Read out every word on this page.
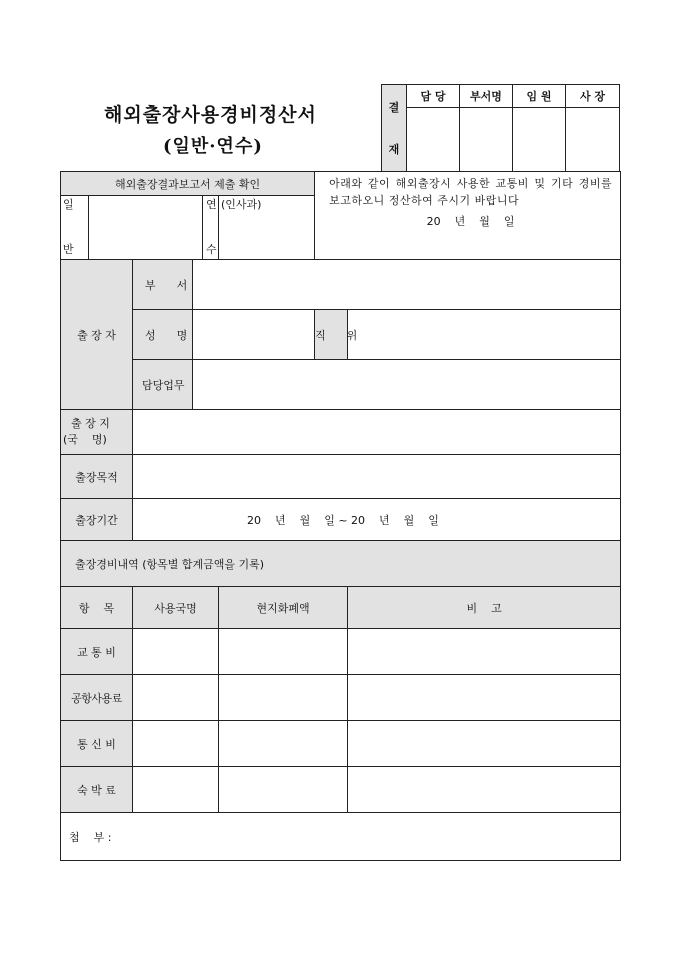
해외출장사용경비정산서
(일반·연수)
결
재	담 당	부서명	임 원	사 장

해외출장결과보고서 제출 확인						아래와 같이 해외출장시 사용한 교통비 및 기타 경비를 보고하오니 정산하여 주시기 바랍니다
20    년    월    일	

일				연	(인사과)		
반				수			
출 장 자		부      서					
		성      명				직      위	
		담당업무					

출 장 지
(국    명)							

출장목적							
출장기간		20    년    월    일 ~ 20    년    월    일					
출장경비내역 (항목별 합계금액을 기록)							
항    목		사용국명			현지화폐액		비    고
교 통 비							
공항사용료							
통 신 비							
숙 박 료							
첨    부 :							
